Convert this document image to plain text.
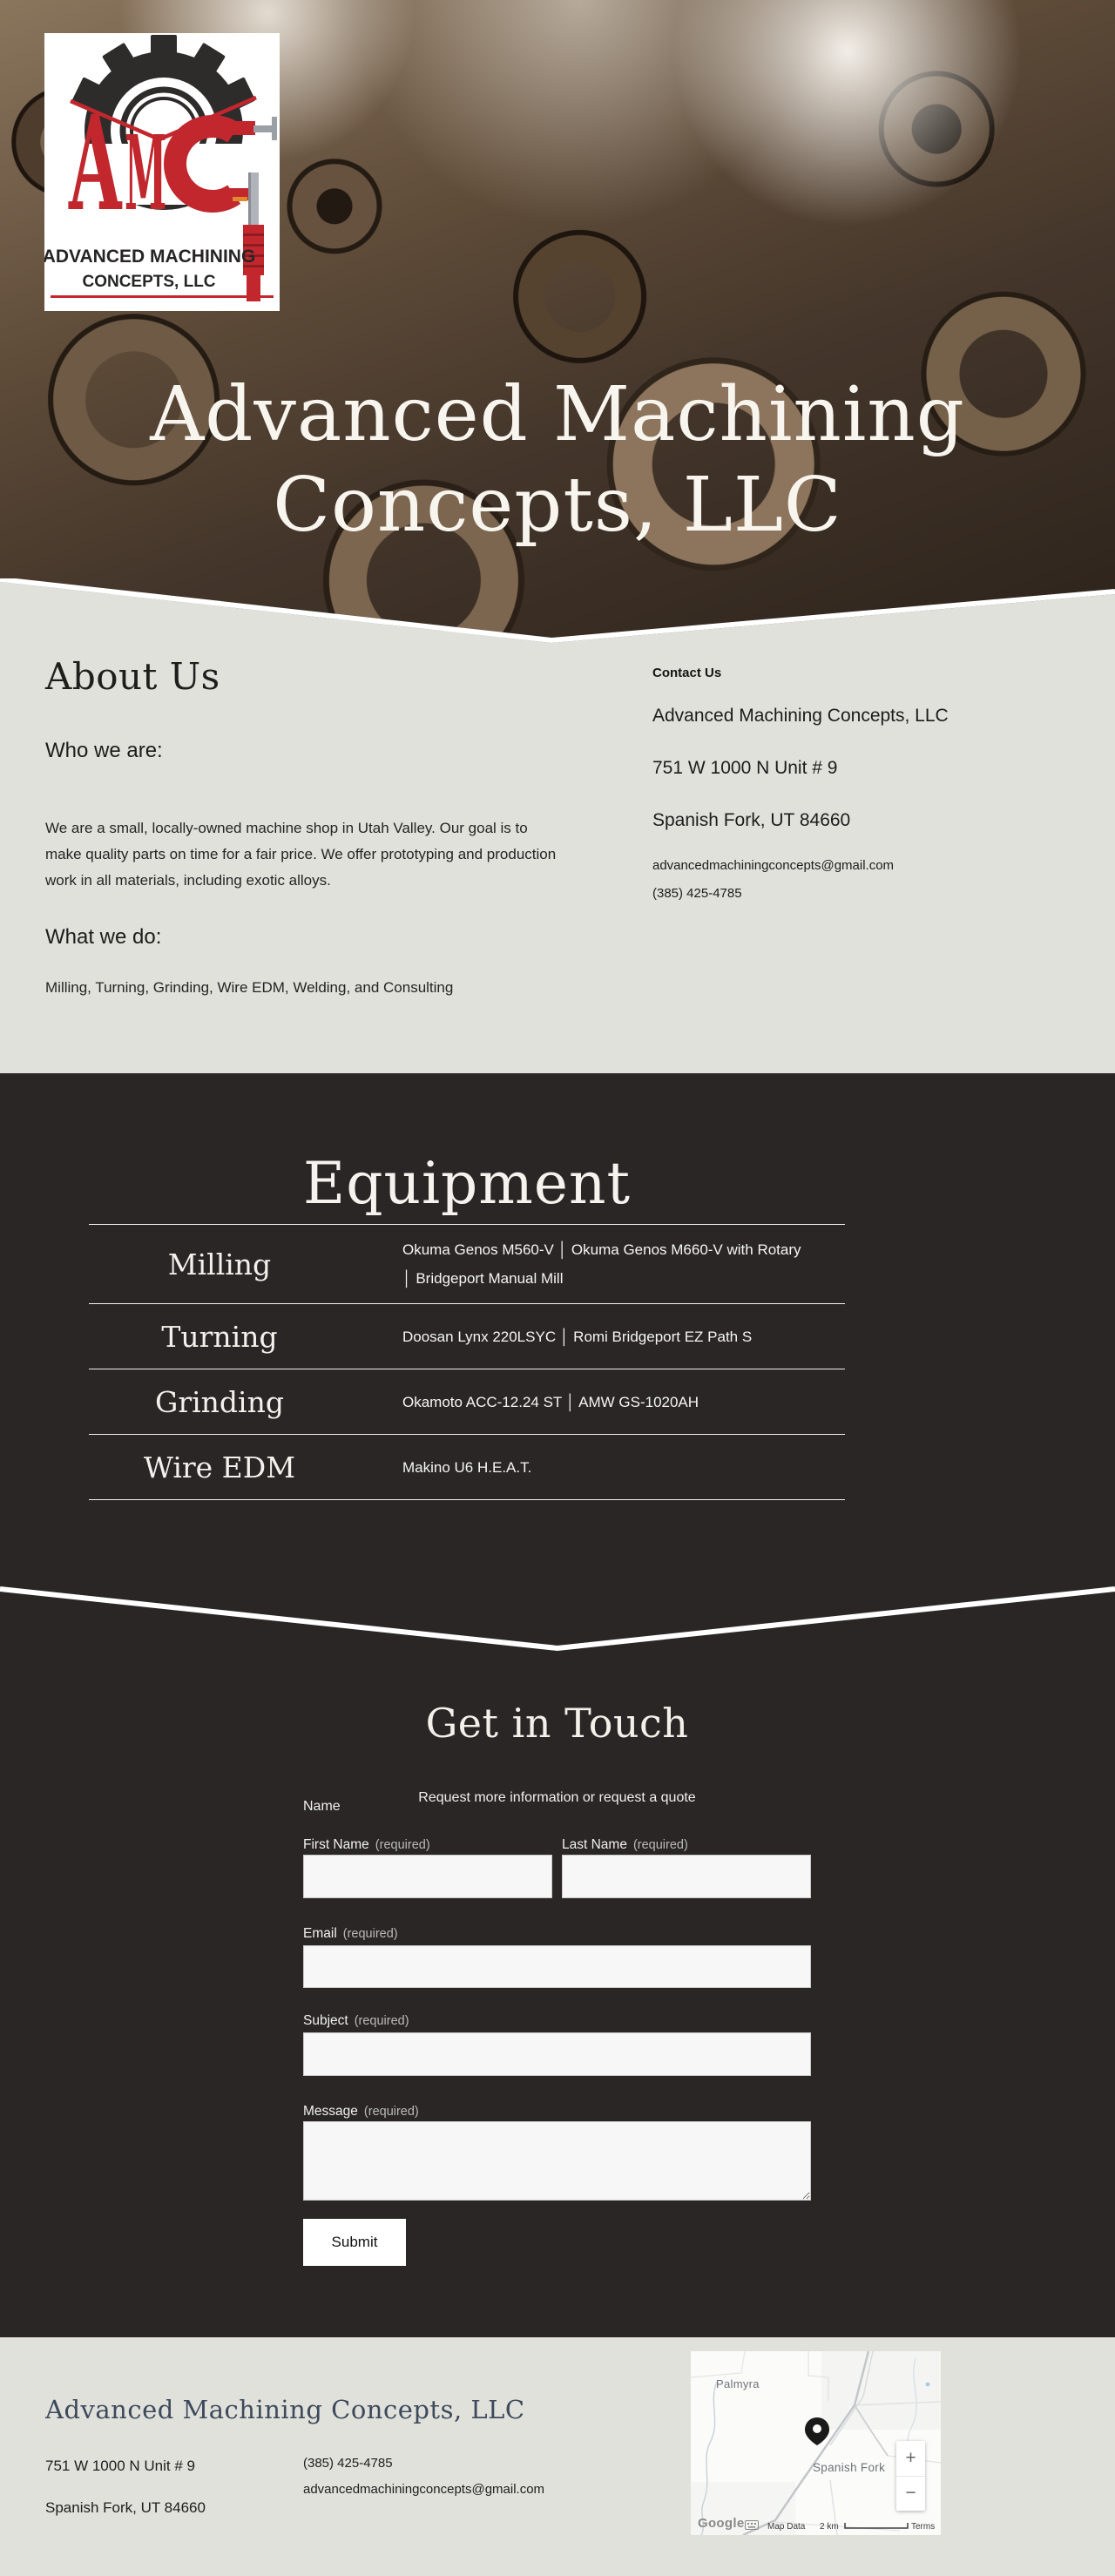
A M
ADVANCED MACHINING
CONCEPTS, LLC
Advanced Machining
Concepts, LLC
About Us
Who we are:

We are a small, locally-owned machine shop in Utah Valley. Our goal is to make quality parts on time for a fair price. We offer prototyping and production work in all materials, including exotic alloys.

What we do:

Milling, Turning, Grinding, Wire EDM, Welding, and Consulting

Contact Us
Advanced Machining Concepts, LLC
751 W 1000 N Unit # 9
Spanish Fork, UT 84660
advancedmachiningconcepts@gmail.com
(385) 425-4785
Equipment
Milling	Okuma Genos M560-V │ Okuma Genos M660-V with Rotary │ Bridgeport Manual Mill
Turning	Doosan Lynx 220LSYC │ Romi Bridgeport EZ Path S
Grinding	Okamoto ACC-12.24 ST │ AMW GS-1020AH
Wire EDM	Makino U6 H.E.A.T.
Get in Touch
Request more information or request a quote
Name
First Name (required)	Last Name (required)
Email (required)
Subject (required)
Message (required)
Submit
Advanced Machining Concepts, LLC
751 W 1000 N Unit # 9
Spanish Fork, UT 84660
(385) 425-4785
advancedmachiningconcepts@gmail.com
Palmyra
Spanish Fork	+
−
Google	Map Data 2 km	Terms
